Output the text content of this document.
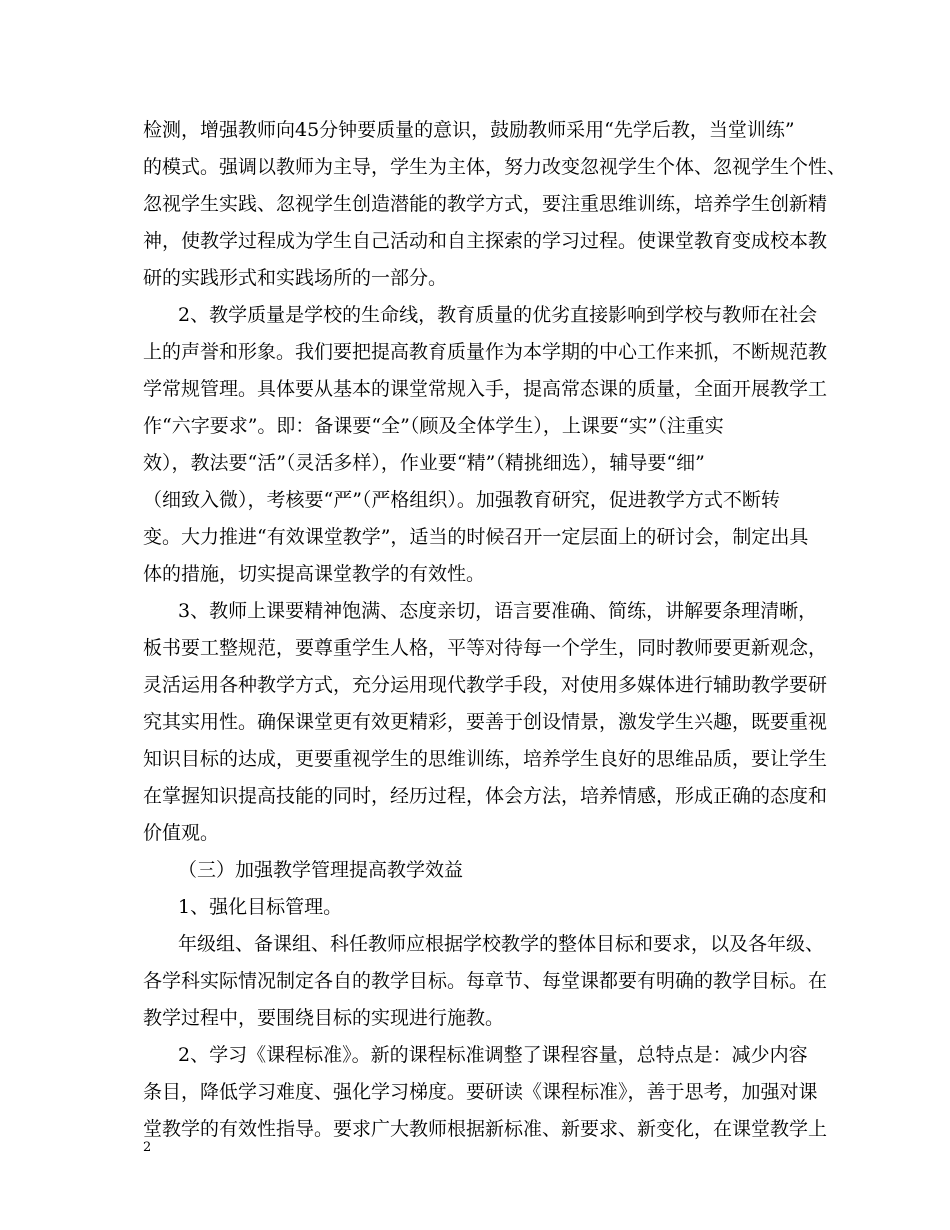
检测，增强教师向45分钟要质量的意识，鼓励教师采用“先学后教，当堂训练”
的模式。强调以教师为主导，学生为主体，努力改变忽视学生个体、忽视学生个性、
忽视学生实践、忽视学生创造潜能的教学方式，要注重思维训练，培养学生创新精
神，使教学过程成为学生自己活动和自主探索的学习过程。使课堂教育变成校本教
研的实践形式和实践场所的一部分。
2、教学质量是学校的生命线，教育质量的优劣直接影响到学校与教师在社会
上的声誉和形象。我们要把提高教育质量作为本学期的中心工作来抓，不断规范教
学常规管理。具体要从基本的课堂常规入手，提高常态课的质量，全面开展教学工
作“六字要求”。即：备课要“全”（顾及全体学生），上课要“实”（注重实
效），教法要“活”（灵活多样），作业要“精”（精挑细选），辅导要“细”
（细致入微），考核要“严”（严格组织）。加强教育研究，促进教学方式不断转
变。大力推进“有效课堂教学”，适当的时候召开一定层面上的研讨会，制定出具
体的措施，切实提高课堂教学的有效性。
3、教师上课要精神饱满、态度亲切，语言要准确、简练，讲解要条理清晰，
板书要工整规范，要尊重学生人格，平等对待每一个学生，同时教师要更新观念，
灵活运用各种教学方式，充分运用现代教学手段，对使用多媒体进行辅助教学要研
究其实用性。确保课堂更有效更精彩，要善于创设情景，激发学生兴趣，既要重视
知识目标的达成，更要重视学生的思维训练，培养学生良好的思维品质，要让学生
在掌握知识提高技能的同时，经历过程，体会方法，培养情感，形成正确的态度和
价值观。
（三）加强教学管理提高教学效益
1、强化目标管理。
年级组、备课组、科任教师应根据学校教学的整体目标和要求，以及各年级、
各学科实际情况制定各自的教学目标。每章节、每堂课都要有明确的教学目标。在
教学过程中，要围绕目标的实现进行施教。
2、学习《课程标准》。新的课程标准调整了课程容量，总特点是：减少内容
条目，降低学习难度、强化学习梯度。要研读《课程标准》，善于思考，加强对课
堂教学的有效性指导。要求广大教师根据新标准、新要求、新变化，在课堂教学上
2
